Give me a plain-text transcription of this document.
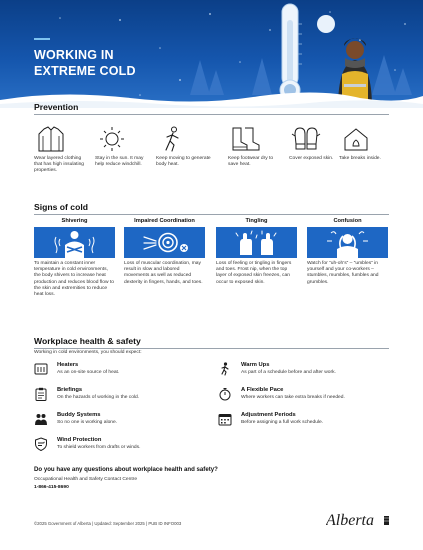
WORKING IN
EXTREME COLD
Prevention
Wear layered clothing that has high insulating properties.
Stay in the sun. It may help reduce windchill.
Keep moving to generate body heat.
Keep footwear dry to save heat.
Cover exposed skin.	Take breaks inside.
Signs of cold
Shivering
To maintain a constant inner temperature in cold environments, the body shivers to increase heat production and reduces blood flow to the skin and extremities to reduce heat loss.
Impaired Coordination
Loss of muscular coordination, may result in slow and labored movements as well as reduced dexterity in fingers, hands, and toes.
Tingling
Loss of feeling or tingling in fingers and toes. Frost nip, when the top layer of exposed skin freezes, can occur to exposed skin.
Confusion
Watch for “uh-oh’s” – “umbles” in yourself and your co-workers – stumbles, mumbles, fumbles and grumbles.
Workplace health & safety
Working in cold environments, you should expect:
Heaters
As an on-site source of heat.
Warm Ups
As part of a schedule before and after work.
Briefings
On the hazards of working in the cold.
A Flexible Pace
Where workers can take extra breaks if needed.
Buddy Systems
So no one is working alone.
Adjustment Periods
Before assigning a full work schedule.
Wind Protection
To shield workers from drafts or winds.
Do you have any questions about workplace health and safety?
Occupational Health and Safety Contact Centre
1-866-415-8690
©2025 Government of Alberta | Updated: September 2025 | PUB ID INFO003	Alberta
